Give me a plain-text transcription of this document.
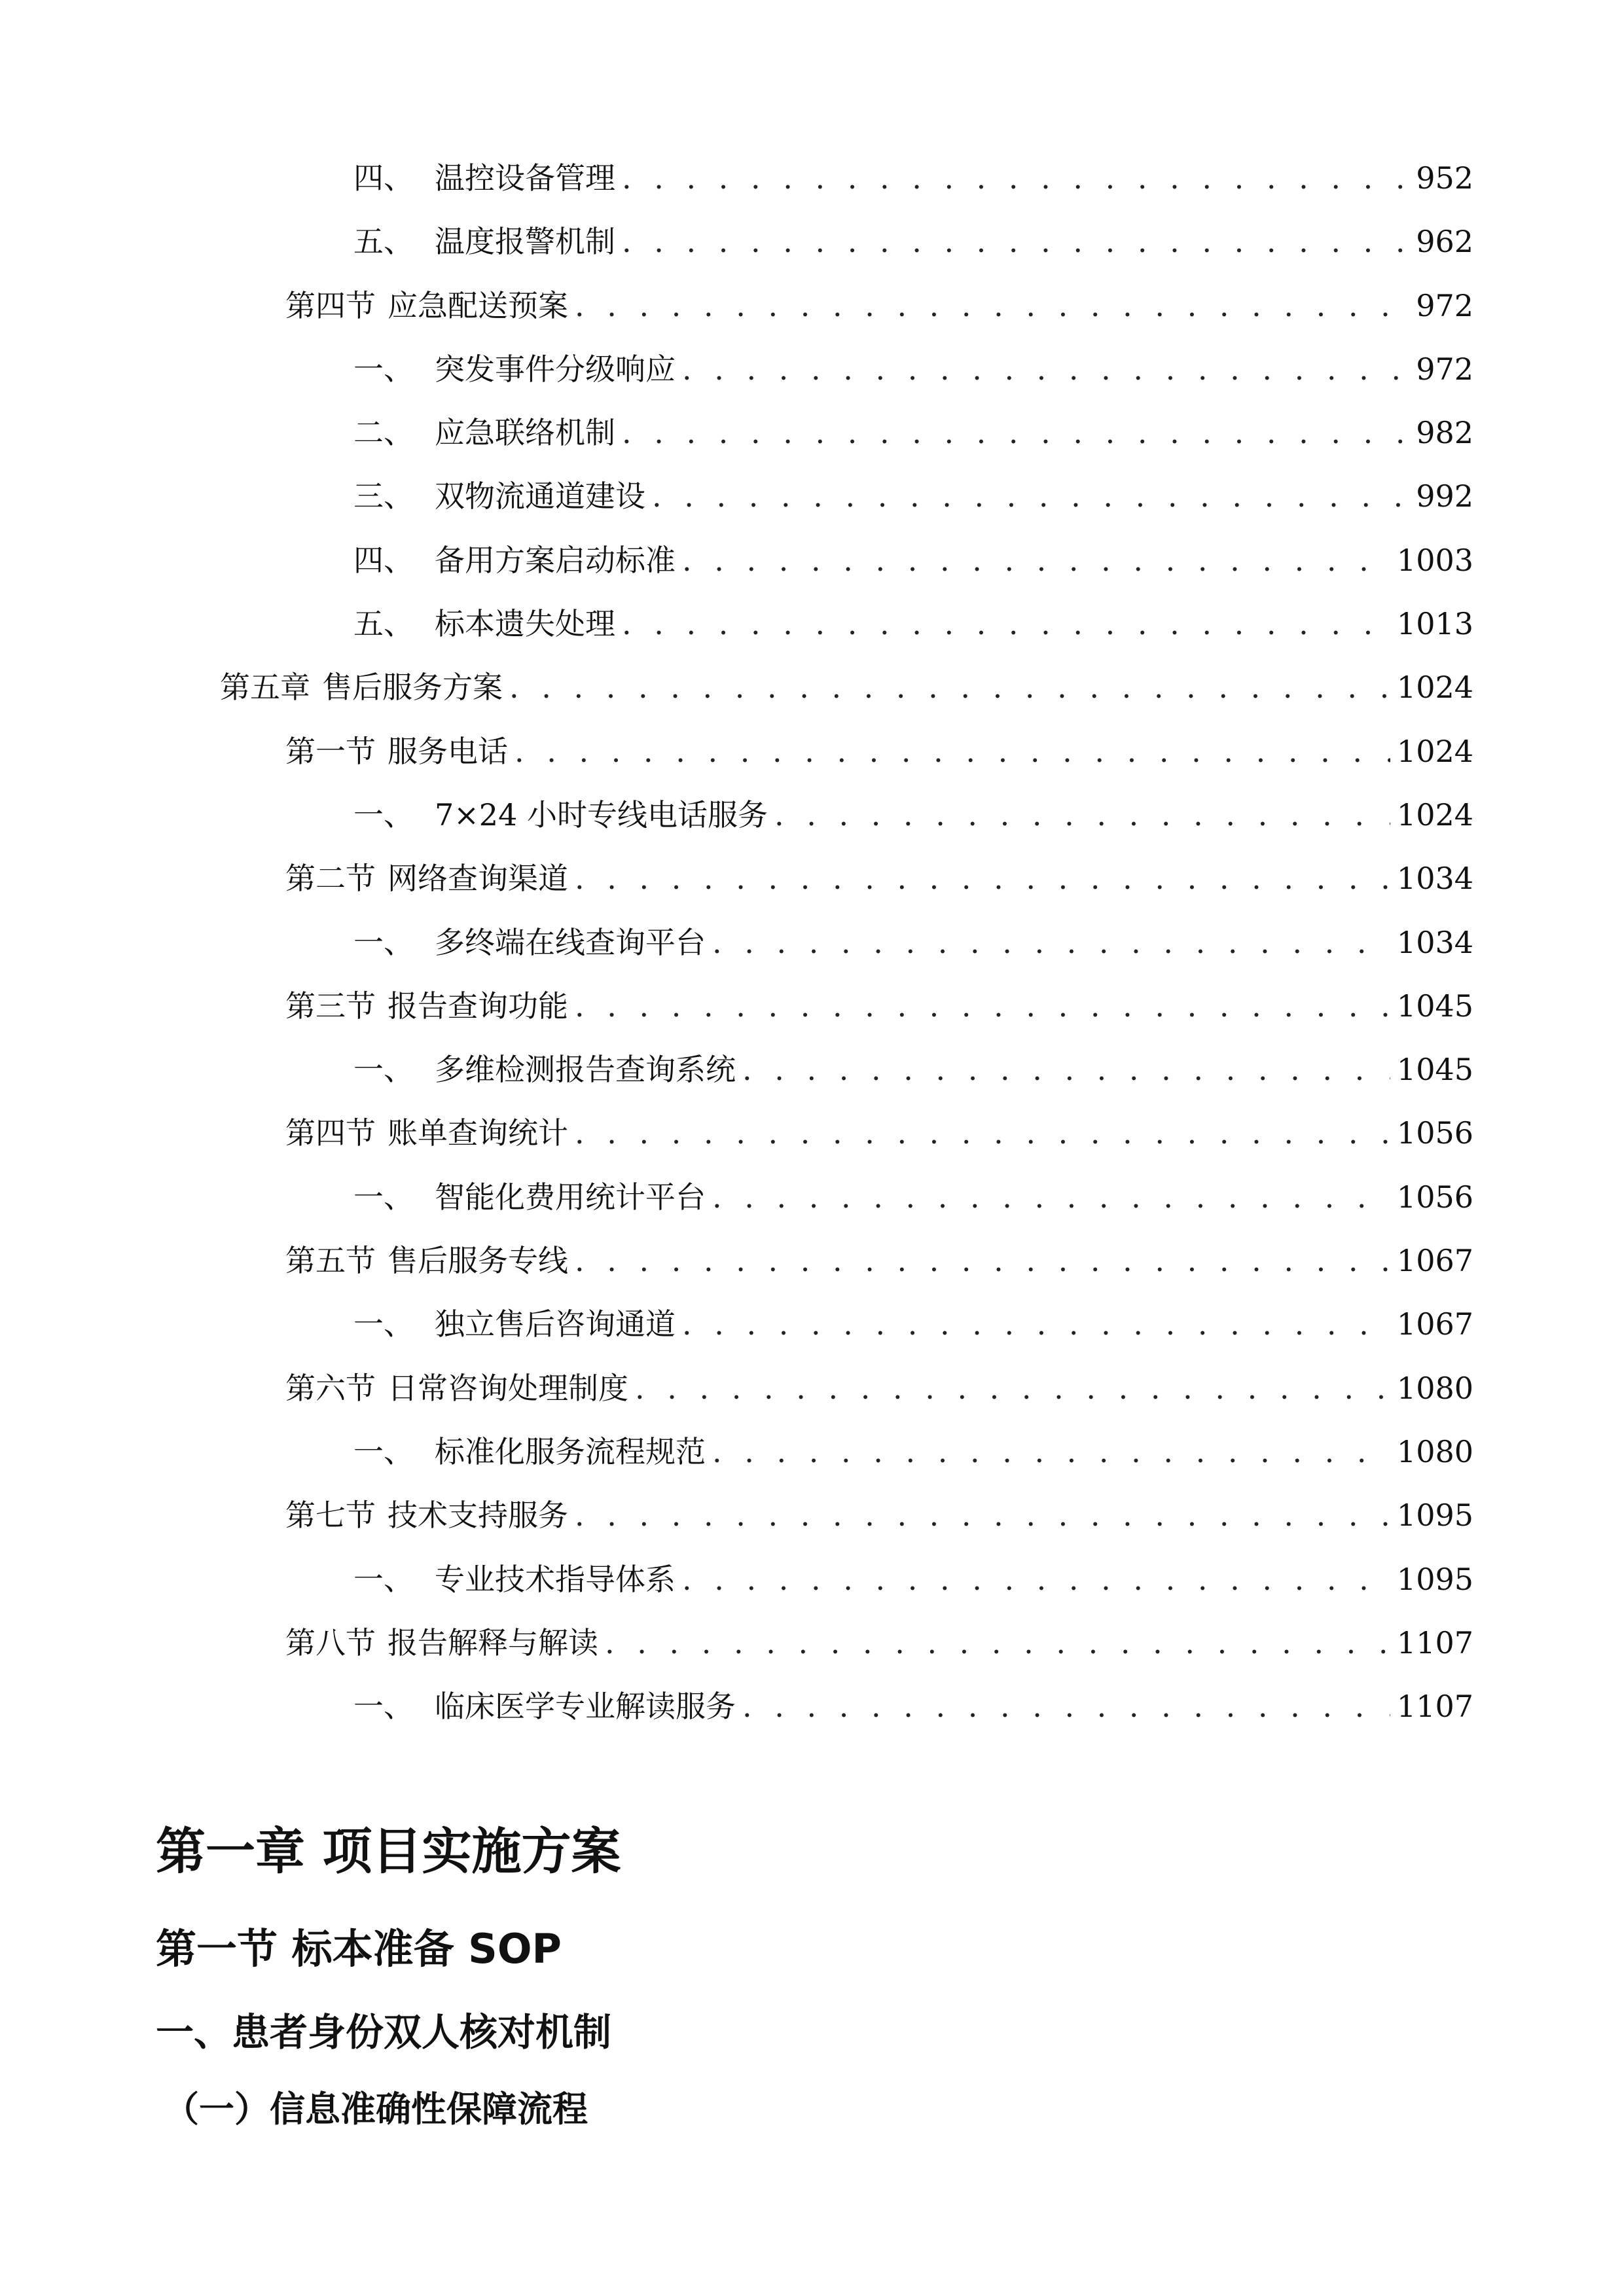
四、 温控设备管理 . . .	952
五、 温度报警机制 . . .	962
第四节 应急配送预案 . . .	972
一、 突发事件分级响应 . . .	972
二、 应急联络机制 . . .	982
三、 双物流通道建设 . . .	992
四、 备用方案启动标准 . . .	1003
五、 标本遗失处理 . . .	1013
第五章 售后服务方案 . . .	1024
第一节 服务电话 . . .	1024
一、 7×24 小时专线电话服务 . . .	1024
第二节 网络查询渠道 . . .	1034
一、 多终端在线查询平台 . . .	1034
第三节 报告查询功能 . . .	1045
一、 多维检测报告查询系统 . . .	1045
第四节 账单查询统计 . . .	1056
一、 智能化费用统计平台 . . .	1056
第五节 售后服务专线 . . .	1067
一、 独立售后咨询通道 . . .	1067
第六节 日常咨询处理制度 . . .	1080
一、 标准化服务流程规范 . . .	1080
第七节 技术支持服务 . . .	1095
一、 专业技术指导体系 . . .	1095
第八节 报告解释与解读 . . .	1107
一、 临床医学专业解读服务 . . .	1107
第一章 项目实施方案
第一节 标本准备 SOP
一、患者身份双人核对机制
（一）信息准确性保障流程
